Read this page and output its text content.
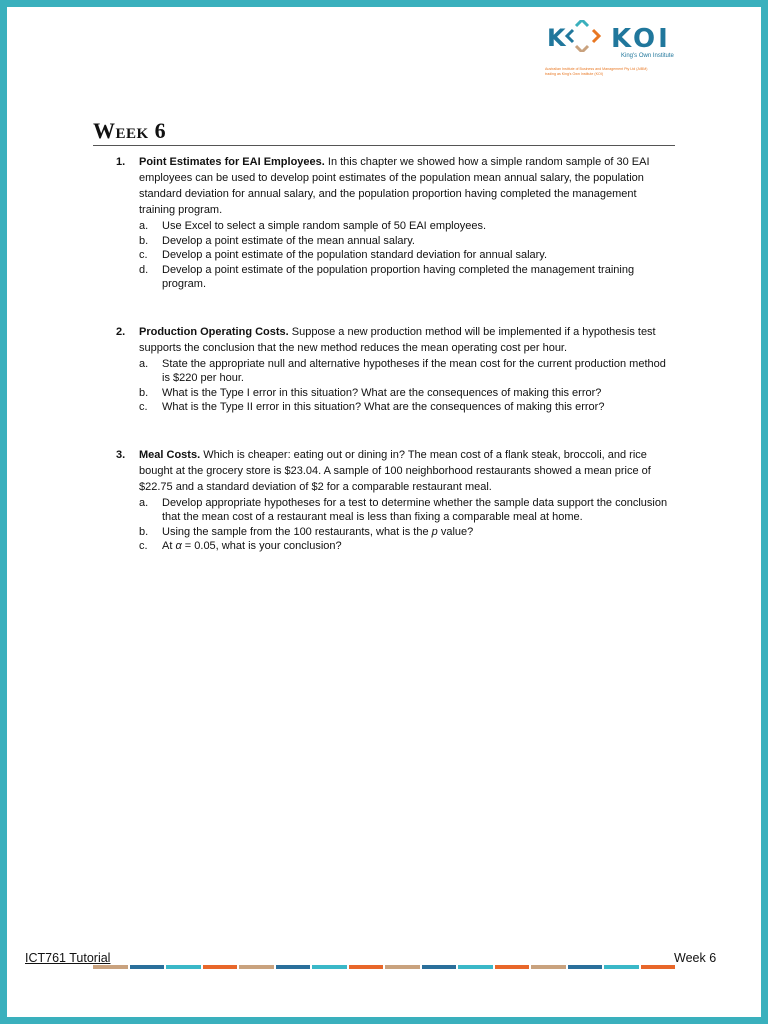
K KOI
King's Own Institute
Australian Institute of Business and Management Pty Ltd (AIBM)
trading as King's Own Institute (KOI)
Week 6
1. Point Estimates for EAI Employees. In this chapter we showed how a simple random sample of 30 EAI employees can be used to develop point estimates of the population mean annual salary, the population standard deviation for annual salary, and the population proportion having completed the management training program.
a. Use Excel to select a simple random sample of 50 EAI employees.
b. Develop a point estimate of the mean annual salary.
c. Develop a point estimate of the population standard deviation for annual salary.
d. Develop a point estimate of the population proportion having completed the management training program.
2. Production Operating Costs. Suppose a new production method will be implemented if a hypothesis test supports the conclusion that the new method reduces the mean operating cost per hour.
a. State the appropriate null and alternative hypotheses if the mean cost for the current production method is $220 per hour.
b. What is the Type I error in this situation? What are the consequences of making this error?
c. What is the Type II error in this situation? What are the consequences of making this error?
3. Meal Costs. Which is cheaper: eating out or dining in? The mean cost of a flank steak, broccoli, and rice bought at the grocery store is $23.04. A sample of 100 neighborhood restaurants showed a mean price of $22.75 and a standard deviation of $2 for a comparable restaurant meal.
a. Develop appropriate hypotheses for a test to determine whether the sample data support the conclusion that the mean cost of a restaurant meal is less than fixing a comparable meal at home.
b. Using the sample from the 100 restaurants, what is the p value?
c. At α = 0.05, what is your conclusion?
ICT761 Tutorial	Week 6
